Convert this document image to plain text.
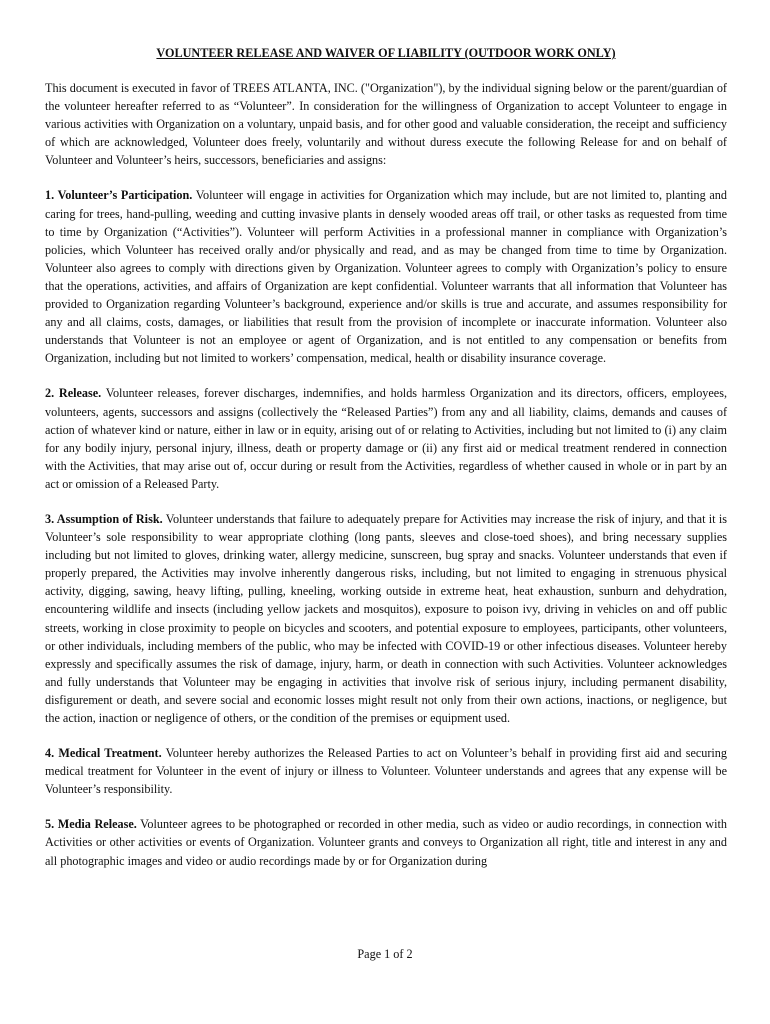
VOLUNTEER RELEASE AND WAIVER OF LIABILITY (OUTDOOR WORK ONLY)

This document is executed in favor of TREES ATLANTA, INC. ("Organization"), by the individual signing below or the parent/guardian of the volunteer hereafter referred to as “Volunteer”. In consideration for the willingness of Organization to accept Volunteer to engage in various activities with Organization on a voluntary, unpaid basis, and for other good and valuable consideration, the receipt and sufficiency of which are acknowledged, Volunteer does freely, voluntarily and without duress execute the following Release for and on behalf of Volunteer and Volunteer’s heirs, successors, beneficiaries and assigns:

1. Volunteer’s Participation. Volunteer will engage in activities for Organization which may include, but are not limited to, planting and caring for trees, hand-pulling, weeding and cutting invasive plants in densely wooded areas off trail, or other tasks as requested from time to time by Organization (“Activities”). Volunteer will perform Activities in a professional manner in compliance with Organization’s policies, which Volunteer has received orally and/or physically and read, and as may be changed from time to time by Organization. Volunteer also agrees to comply with directions given by Organization. Volunteer agrees to comply with Organization’s policy to ensure that the operations, activities, and affairs of Organization are kept confidential. Volunteer warrants that all information that Volunteer has provided to Organization regarding Volunteer’s background, experience and/or skills is true and accurate, and assumes responsibility for any and all claims, costs, damages, or liabilities that result from the provision of incomplete or inaccurate information. Volunteer also understands that Volunteer is not an employee or agent of Organization, and is not entitled to any compensation or benefits from Organization, including but not limited to workers’ compensation, medical, health or disability insurance coverage.

2. Release. Volunteer releases, forever discharges, indemnifies, and holds harmless Organization and its directors, officers, employees, volunteers, agents, successors and assigns (collectively the “Released Parties”) from any and all liability, claims, demands and causes of action of whatever kind or nature, either in law or in equity, arising out of or relating to Activities, including but not limited to (i) any claim for any bodily injury, personal injury, illness, death or property damage or (ii) any first aid or medical treatment rendered in connection with the Activities, that may arise out of, occur during or result from the Activities, regardless of whether caused in whole or in part by an act or omission of a Released Party.

3. Assumption of Risk. Volunteer understands that failure to adequately prepare for Activities may increase the risk of injury, and that it is Volunteer’s sole responsibility to wear appropriate clothing (long pants, sleeves and close-toed shoes), and bring necessary supplies including but not limited to gloves, drinking water, allergy medicine, sunscreen, bug spray and snacks. Volunteer understands that even if properly prepared, the Activities may involve inherently dangerous risks, including, but not limited to engaging in strenuous physical activity, digging, sawing, heavy lifting, pulling, kneeling, working outside in extreme heat, heat exhaustion, sunburn and dehydration, encountering wildlife and insects (including yellow jackets and mosquitos), exposure to poison ivy, driving in vehicles on and off public streets, working in close proximity to people on bicycles and scooters, and potential exposure to employees, participants, other volunteers, or other individuals, including members of the public, who may be infected with COVID-19 or other infectious diseases. Volunteer hereby expressly and specifically assumes the risk of damage, injury, harm, or death in connection with such Activities. Volunteer acknowledges and fully understands that Volunteer may be engaging in activities that involve risk of serious injury, including permanent disability, disfigurement or death, and severe social and economic losses might result not only from their own actions, inactions, or negligence, but the action, inaction or negligence of others, or the condition of the premises or equipment used.

4. Medical Treatment. Volunteer hereby authorizes the Released Parties to act on Volunteer’s behalf in providing first aid and securing medical treatment for Volunteer in the event of injury or illness to Volunteer. Volunteer understands and agrees that any expense will be Volunteer’s responsibility.

5. Media Release. Volunteer agrees to be photographed or recorded in other media, such as video or audio recordings, in connection with Activities or other activities or events of Organization. Volunteer grants and conveys to Organization all right, title and interest in any and all photographic images and video or audio recordings made by or for Organization during

Page 1 of 2
